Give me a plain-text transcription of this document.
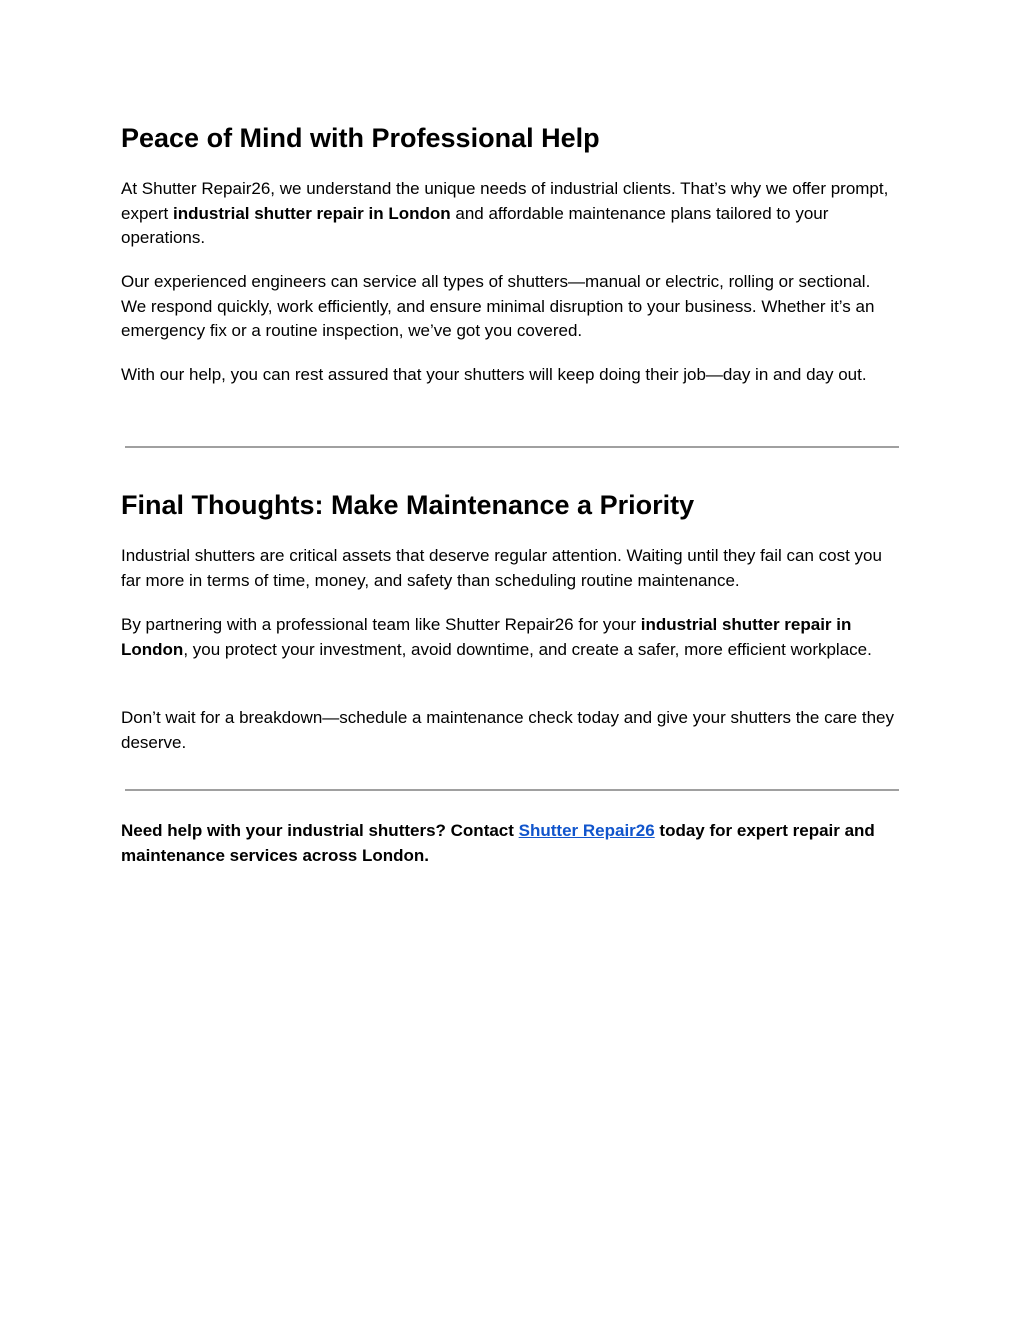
Peace of Mind with Professional Help

At Shutter Repair26, we understand the unique needs of industrial clients. That’s why we offer prompt, expert industrial shutter repair in London and affordable maintenance plans tailored to your operations.

Our experienced engineers can service all types of shutters—manual or electric, rolling or sectional. We respond quickly, work efficiently, and ensure minimal disruption to your business. Whether it’s an emergency fix or a routine inspection, we’ve got you covered.

With our help, you can rest assured that your shutters will keep doing their job—day in and day out.

Final Thoughts: Make Maintenance a Priority

Industrial shutters are critical assets that deserve regular attention. Waiting until they fail can cost you far more in terms of time, money, and safety than scheduling routine maintenance.

By partnering with a professional team like Shutter Repair26 for your industrial shutter repair in London, you protect your investment, avoid downtime, and create a safer, more efficient workplace.

Don’t wait for a breakdown—schedule a maintenance check today and give your shutters the care they deserve.

Need help with your industrial shutters? Contact Shutter Repair26 today for expert repair and maintenance services across London.
